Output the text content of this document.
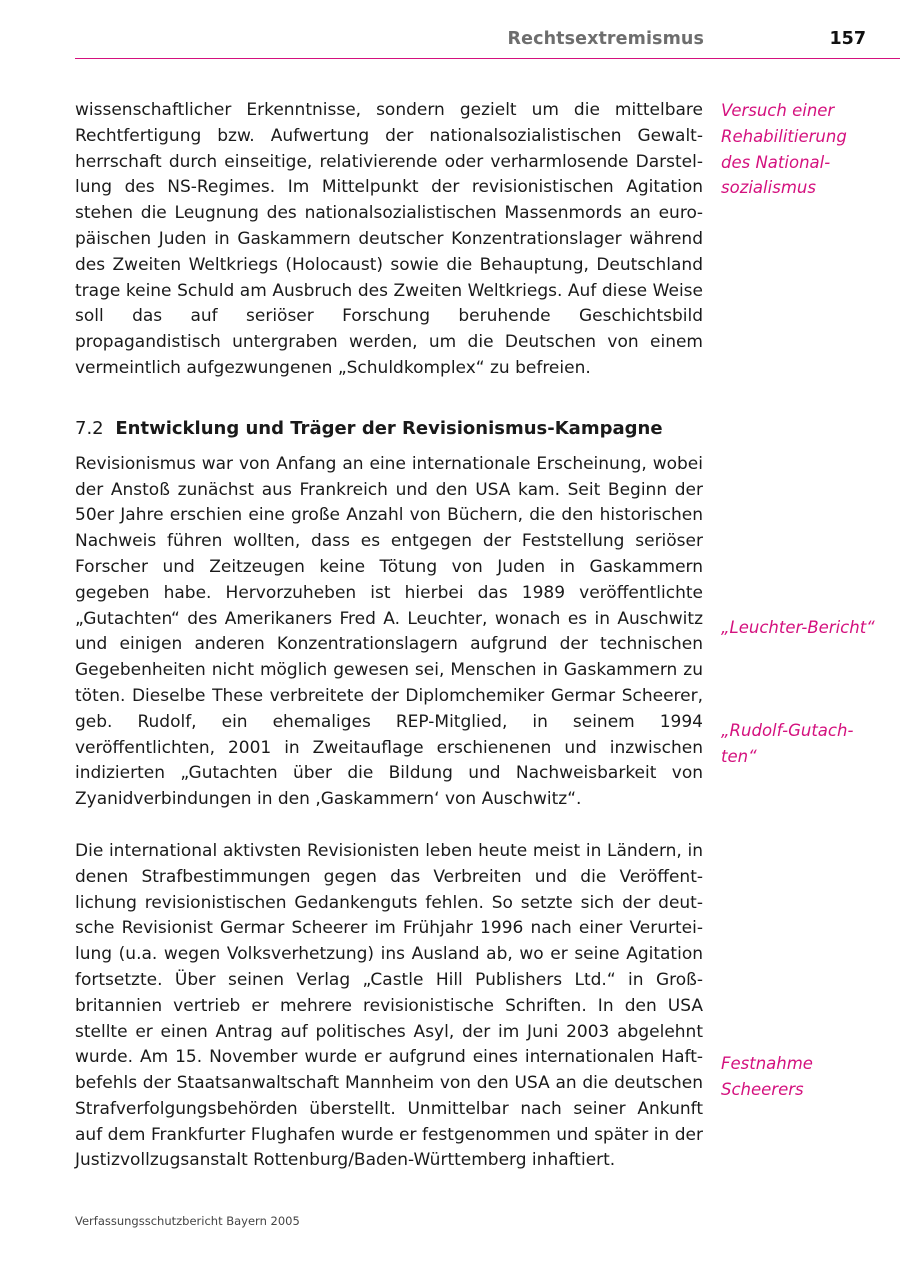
Rechtsextremismus	157

wissenschaftlicher Erkenntnisse, sondern gezielt um die mittelbare Rechtfertigung bzw. Aufwertung der nationalsozialistischen Gewaltherrschaft durch einseitige, relativierende oder verharmlosende Darstellung des NS-Regimes. Im Mittelpunkt der revisionistischen Agitation stehen die Leugnung des nationalsozialistischen Massenmords an europäischen Juden in Gaskammern deutscher Konzentrationslager während des Zweiten Weltkriegs (Holocaust) sowie die Behauptung, Deutschland trage keine Schuld am Ausbruch des Zweiten Weltkriegs. Auf diese Weise soll das auf seriöser Forschung beruhende Geschichtsbild propagandistisch untergraben werden, um die Deutschen von einem vermeintlich aufgezwungenen „Schuldkomplex“ zu befreien.

7.2 Entwicklung und Träger der Revisionismus-Kampagne

Revisionismus war von Anfang an eine internationale Erscheinung, wobei der Anstoß zunächst aus Frankreich und den USA kam. Seit Beginn der 50er Jahre erschien eine große Anzahl von Büchern, die den historischen Nachweis führen wollten, dass es entgegen der Feststellung seriöser Forscher und Zeitzeugen keine Tötung von Juden in Gaskammern gegeben habe. Hervorzuheben ist hierbei das 1989 veröffentlichte „Gutachten“ des Amerikaners Fred A. Leuchter, wonach es in Auschwitz und einigen anderen Konzentrationslagern aufgrund der technischen Gegebenheiten nicht möglich gewesen sei, Menschen in Gaskammern zu töten. Dieselbe These verbreitete der Diplomchemiker Germar Scheerer, geb. Rudolf, ein ehemaliges REP-Mitglied, in seinem 1994 veröffentlichten, 2001 in Zweitauflage erschienenen und inzwischen indizierten „Gutachten über die Bildung und Nachweisbarkeit von Zyanidverbindungen in den ‚Gaskammern‘ von Auschwitz“.

Die international aktivsten Revisionisten leben heute meist in Ländern, in denen Strafbestimmungen gegen das Verbreiten und die Veröffentlichung revisionistischen Gedankenguts fehlen. So setzte sich der deutsche Revisionist Germar Scheerer im Frühjahr 1996 nach einer Verurteilung (u.a. wegen Volksverhetzung) ins Ausland ab, wo er seine Agitation fortsetzte. Über seinen Verlag „Castle Hill Publishers Ltd.“ in Großbritannien vertrieb er mehrere revisionistische Schriften. In den USA stellte er einen Antrag auf politisches Asyl, der im Juni 2003 abgelehnt wurde. Am 15. November wurde er aufgrund eines internationalen Haftbefehls der Staatsanwaltschaft Mannheim von den USA an die deutschen Strafverfolgungsbehörden überstellt. Unmittelbar nach seiner Ankunft auf dem Frankfurter Flughafen wurde er festgenommen und später in der Justizvollzugsanstalt Rottenburg/Baden-Württemberg inhaftiert.

Versuch einer
Rehabilitierung
des National-
sozialismus
„Leuchter-Bericht“
„Rudolf-Gutach-
ten“
Festnahme
Scheerers
Verfassungsschutzbericht Bayern 2005
